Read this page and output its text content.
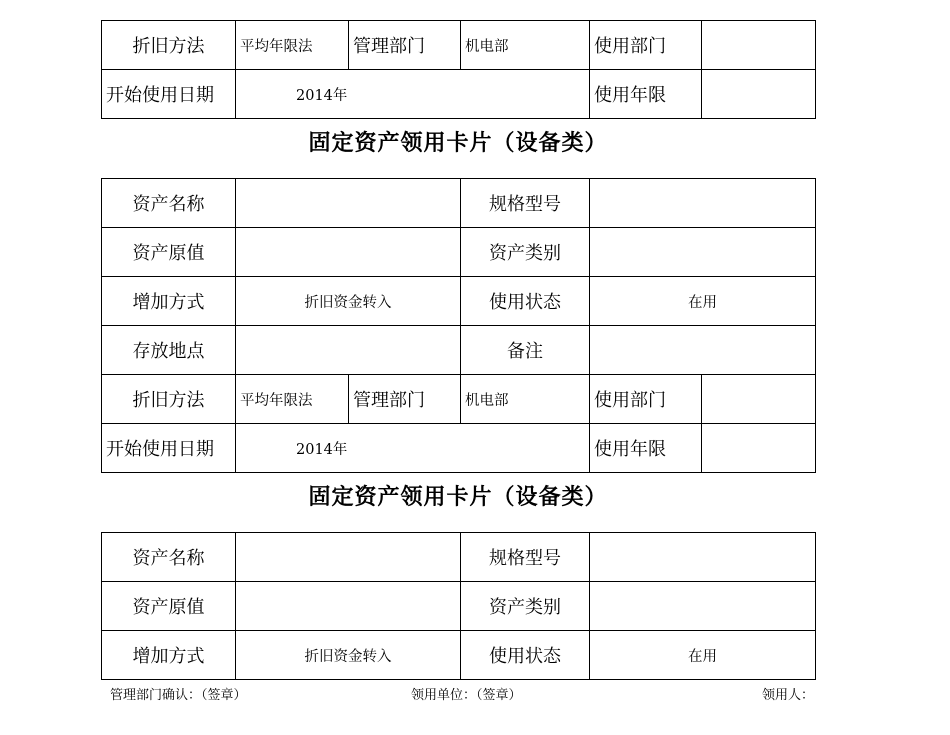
折旧方法	平均年限法	管理部门	机电部	使用部门	
开始使用日期	2014年			使用年限	
固定资产领用卡片（设备类）
资产名称			规格型号		
资产原值			资产类别		
增加方式	折旧资金转入		使用状态	在用	
存放地点			备注		
折旧方法	平均年限法	管理部门	机电部	使用部门	
开始使用日期	2014年			使用年限	
固定资产领用卡片（设备类）
资产名称		规格型号	
资产原值		资产类别	
增加方式	折旧资金转入	使用状态	在用
管理部门确认：（签章）	领用单位：（签章）	领用人：
